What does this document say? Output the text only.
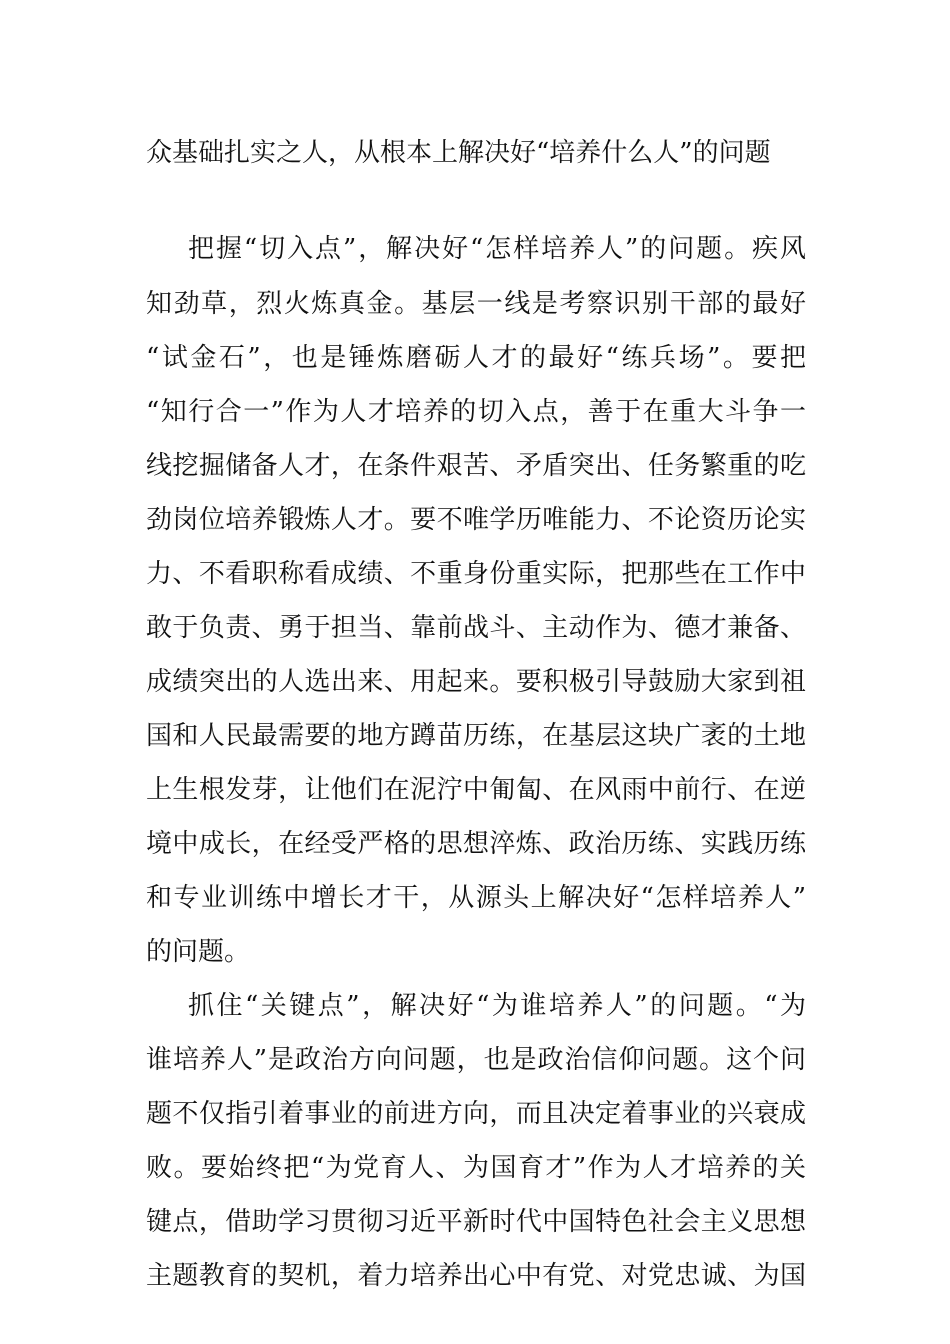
众基础扎实之人，从根本上解决好“培养什么人”的问题
把握“切入点”，解决好“怎样培养人”的问题。疾风
知劲草，烈火炼真金。基层一线是考察识别干部的最好
“试金石”，也是锤炼磨砺人才的最好“练兵场”。要把
“知行合一”作为人才培养的切入点，善于在重大斗争一
线挖掘储备人才，在条件艰苦、矛盾突出、任务繁重的吃
劲岗位培养锻炼人才。要不唯学历唯能力、不论资历论实
力、不看职称看成绩、不重身份重实际，把那些在工作中
敢于负责、勇于担当、靠前战斗、主动作为、德才兼备、
成绩突出的人选出来、用起来。要积极引导鼓励大家到祖
国和人民最需要的地方蹲苗历练，在基层这块广袤的土地
上生根发芽，让他们在泥泞中匍匐、在风雨中前行、在逆
境中成长，在经受严格的思想淬炼、政治历练、实践历练
和专业训练中增长才干，从源头上解决好“怎样培养人”
的问题。
抓住“关键点”，解决好“为谁培养人”的问题。“为
谁培养人”是政治方向问题，也是政治信仰问题。这个问
题不仅指引着事业的前进方向，而且决定着事业的兴衰成
败。要始终把“为党育人、为国育才”作为人才培养的关
键点，借助学习贯彻习近平新时代中国特色社会主义思想
主题教育的契机，着力培养出心中有党、对党忠诚、为国
